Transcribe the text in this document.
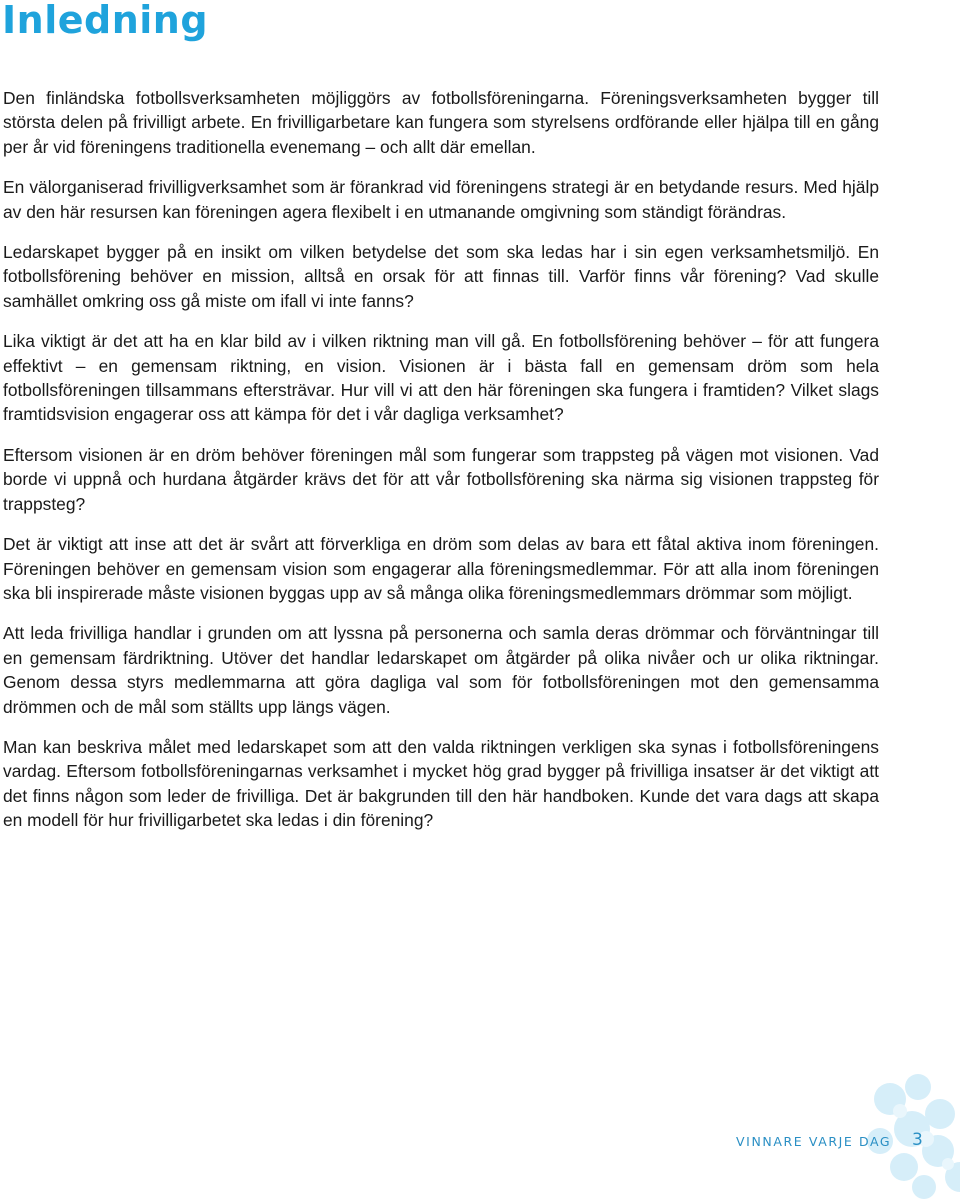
Inledning

Den finländska fotbollsverksamheten möjliggörs av fotbollsföreningarna. Föreningsverksamheten bygger till största delen på frivilligt arbete. En frivilligarbetare kan fungera som styrelsens ordförande eller hjälpa till en gång per år vid föreningens traditionella evenemang – och allt där emellan.

En välorganiserad frivilligverksamhet som är förankrad vid föreningens strategi är en betydande resurs. Med hjälp av den här resursen kan föreningen agera flexibelt i en utmanande omgivning som ständigt förändras.

Ledarskapet bygger på en insikt om vilken betydelse det som ska ledas har i sin egen verksamhetsmiljö. En fotbollsförening behöver en mission, alltså en orsak för att finnas till. Varför finns vår förening? Vad skulle samhället omkring oss gå miste om ifall vi inte fanns?

Lika viktigt är det att ha en klar bild av i vilken riktning man vill gå. En fotbollsförening behöver – för att fungera effektivt – en gemensam riktning, en vision. Visionen är i bästa fall en gemensam dröm som hela fotbollsföreningen tillsammans eftersträvar. Hur vill vi att den här föreningen ska fungera i framtiden? Vilket slags framtidsvision engagerar oss att kämpa för det i vår dagliga verksamhet?

Eftersom visionen är en dröm behöver föreningen mål som fungerar som trappsteg på vägen mot visionen. Vad borde vi uppnå och hurdana åtgärder krävs det för att vår fotbollsförening ska närma sig visionen trappsteg för trappsteg?

Det är viktigt att inse att det är svårt att förverkliga en dröm som delas av bara ett fåtal aktiva inom föreningen. Föreningen behöver en gemensam vision som engagerar alla föreningsmedlemmar. För att alla inom föreningen ska bli inspirerade måste visionen byggas upp av så många olika föreningsmedlemmars drömmar som möjligt.

Att leda frivilliga handlar i grunden om att lyssna på personerna och samla deras drömmar och förväntningar till en gemensam färdriktning. Utöver det handlar ledarskapet om åtgärder på olika nivåer och ur olika riktningar. Genom dessa styrs medlemmarna att göra dagliga val som för fotbollsföreningen mot den gemensamma drömmen och de mål som ställts upp längs vägen.

Man kan beskriva målet med ledarskapet som att den valda riktningen verkligen ska synas i fotbollsföreningens vardag. Eftersom fotbollsföreningarnas verksamhet i mycket hög grad bygger på frivilliga insatser är det viktigt att det finns någon som leder de frivilliga. Det är bakgrunden till den här handboken. Kunde det vara dags att skapa en modell för hur frivilligarbetet ska ledas i din förening?

VINNARE VARJE DAG 3
